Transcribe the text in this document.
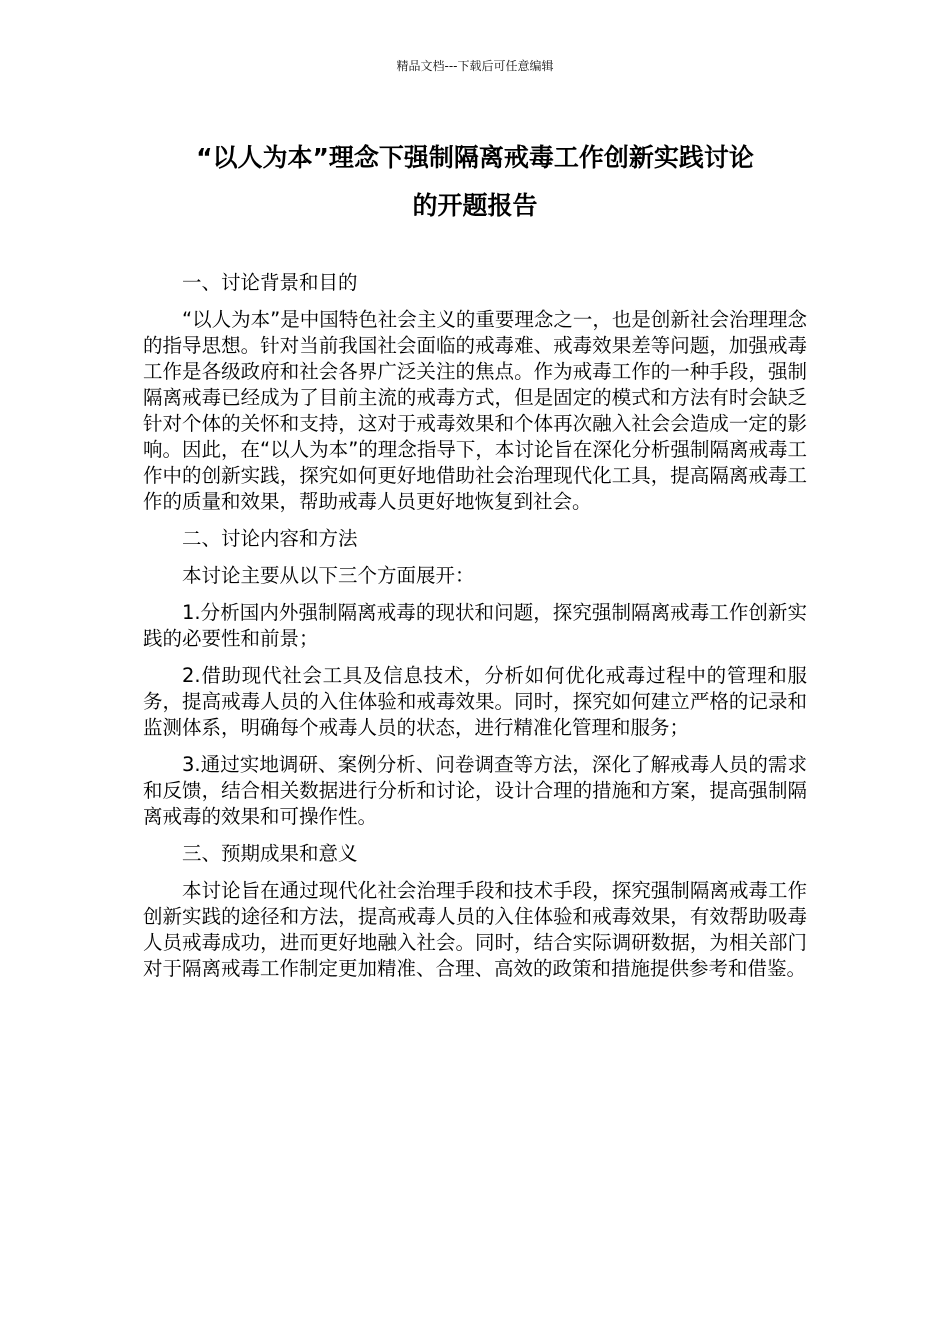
精品文档---下载后可任意编辑
“以人为本”理念下强制隔离戒毒工作创新实践讨论
的开题报告

一、讨论背景和目的

“以人为本”是中国特色社会主义的重要理念之一，也是创新社会治理理念的指导思想。针对当前我国社会面临的戒毒难、戒毒效果差等问题，加强戒毒工作是各级政府和社会各界广泛关注的焦点。作为戒毒工作的一种手段，强制隔离戒毒已经成为了目前主流的戒毒方式，但是固定的模式和方法有时会缺乏针对个体的关怀和支持，这对于戒毒效果和个体再次融入社会会造成一定的影响。因此，在“以人为本”的理念指导下，本讨论旨在深化分析强制隔离戒毒工作中的创新实践，探究如何更好地借助社会治理现代化工具，提高隔离戒毒工作的质量和效果，帮助戒毒人员更好地恢复到社会。

二、讨论内容和方法

本讨论主要从以下三个方面展开：

1.分析国内外强制隔离戒毒的现状和问题，探究强制隔离戒毒工作创新实践的必要性和前景；

2.借助现代社会工具及信息技术，分析如何优化戒毒过程中的管理和服务，提高戒毒人员的入住体验和戒毒效果。同时，探究如何建立严格的记录和监测体系，明确每个戒毒人员的状态，进行精准化管理和服务；

3.通过实地调研、案例分析、问卷调查等方法，深化了解戒毒人员的需求和反馈，结合相关数据进行分析和讨论，设计合理的措施和方案，提高强制隔离戒毒的效果和可操作性。

三、预期成果和意义

本讨论旨在通过现代化社会治理手段和技术手段，探究强制隔离戒毒工作创新实践的途径和方法，提高戒毒人员的入住体验和戒毒效果，有效帮助吸毒人员戒毒成功，进而更好地融入社会。同时，结合实际调研数据，为相关部门对于隔离戒毒工作制定更加精准、合理、高效的政策和措施提供参考和借鉴。
